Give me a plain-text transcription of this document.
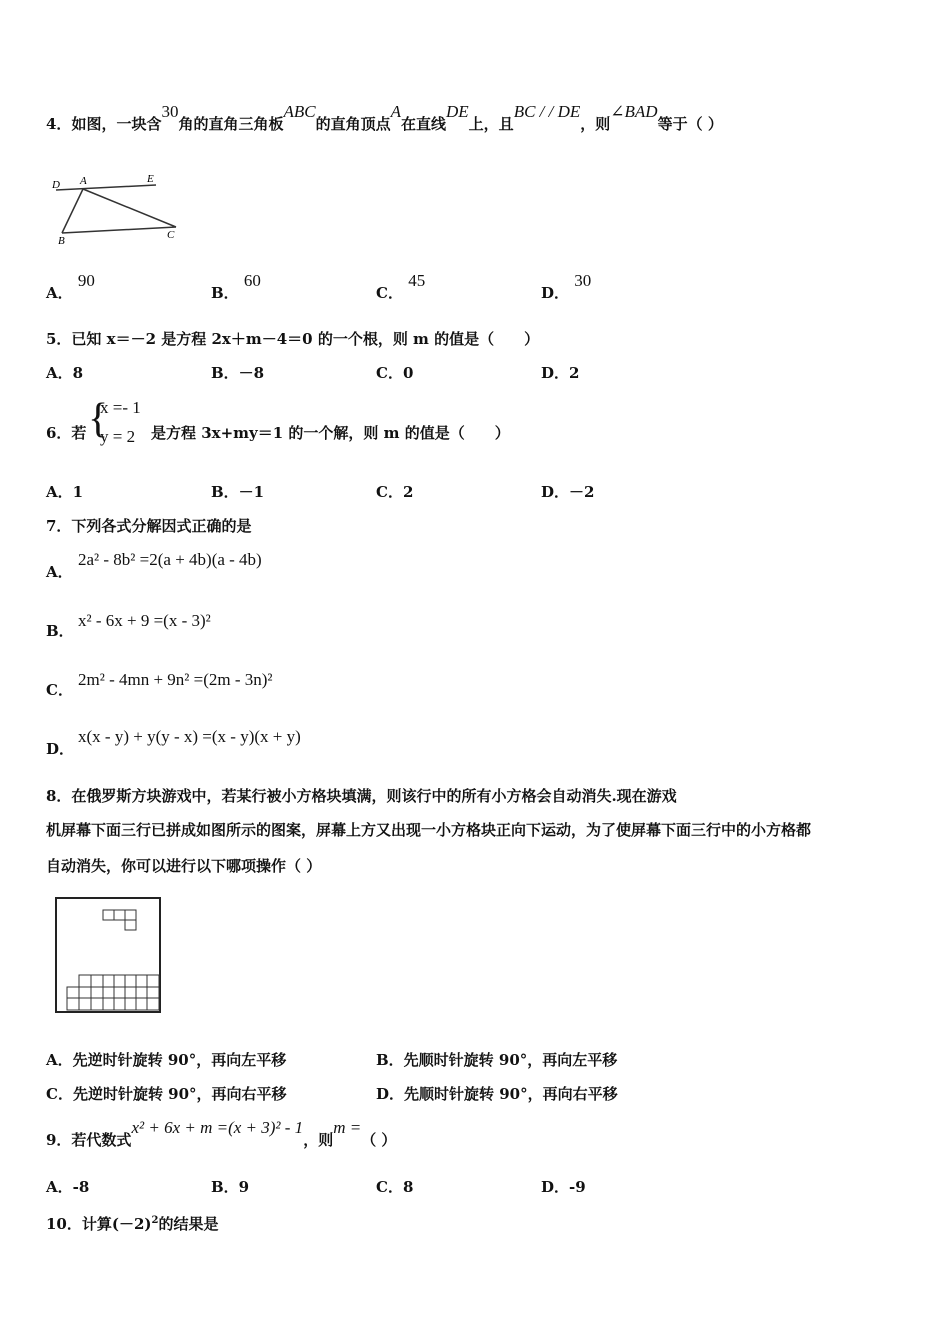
4．如图，一块含30角的直角三角板ABC的直角顶点A在直线DE上，且BC / / DE，则∠BAD等于（ ）
D A	E
B	C
A． 90
B． 60
C． 45
D． 30
5．已知 x＝－2 是方程 2x＋m－4＝0 的一个根，则 m 的值是（　　）
A．8	B．－8	C．0	D．2
6．若 {
x =- 1
y = 2 是方程 3x+my＝1 的一个解，则 m 的值是（　　）
A．1	B．－1	C．2	D．－2
7．下列各式分解因式正确的是
A．
2a² - 8b² =2(a + 4b)(a - 4b)
B．
x² - 6x + 9 =(x - 3)²
C．
2m² - 4mn + 9n² =(2m - 3n)²
D．
x(x - y) + y(y - x) =(x - y)(x + y)
8．在俄罗斯方块游戏中，若某行被小方格块填满，则该行中的所有小方格会自动消失.现在游戏
机屏幕下面三行已拼成如图所示的图案，屏幕上方又出现一小方格块正向下运动，为了使屏幕下面三行中的小方格都
自动消失，你可以进行以下哪项操作（ ）
A．先逆时针旋转 90°，再向左平移	B．先顺时针旋转 90°，再向左平移
C．先逆时针旋转 90°，再向右平移	D．先顺时针旋转 90°，再向右平移
9．若代数式x² + 6x + m =(x + 3)² - 1，则m =（ ）
A．-8	B．9	C．8	D．-9
10．计算$(-2)^2$的结果是
